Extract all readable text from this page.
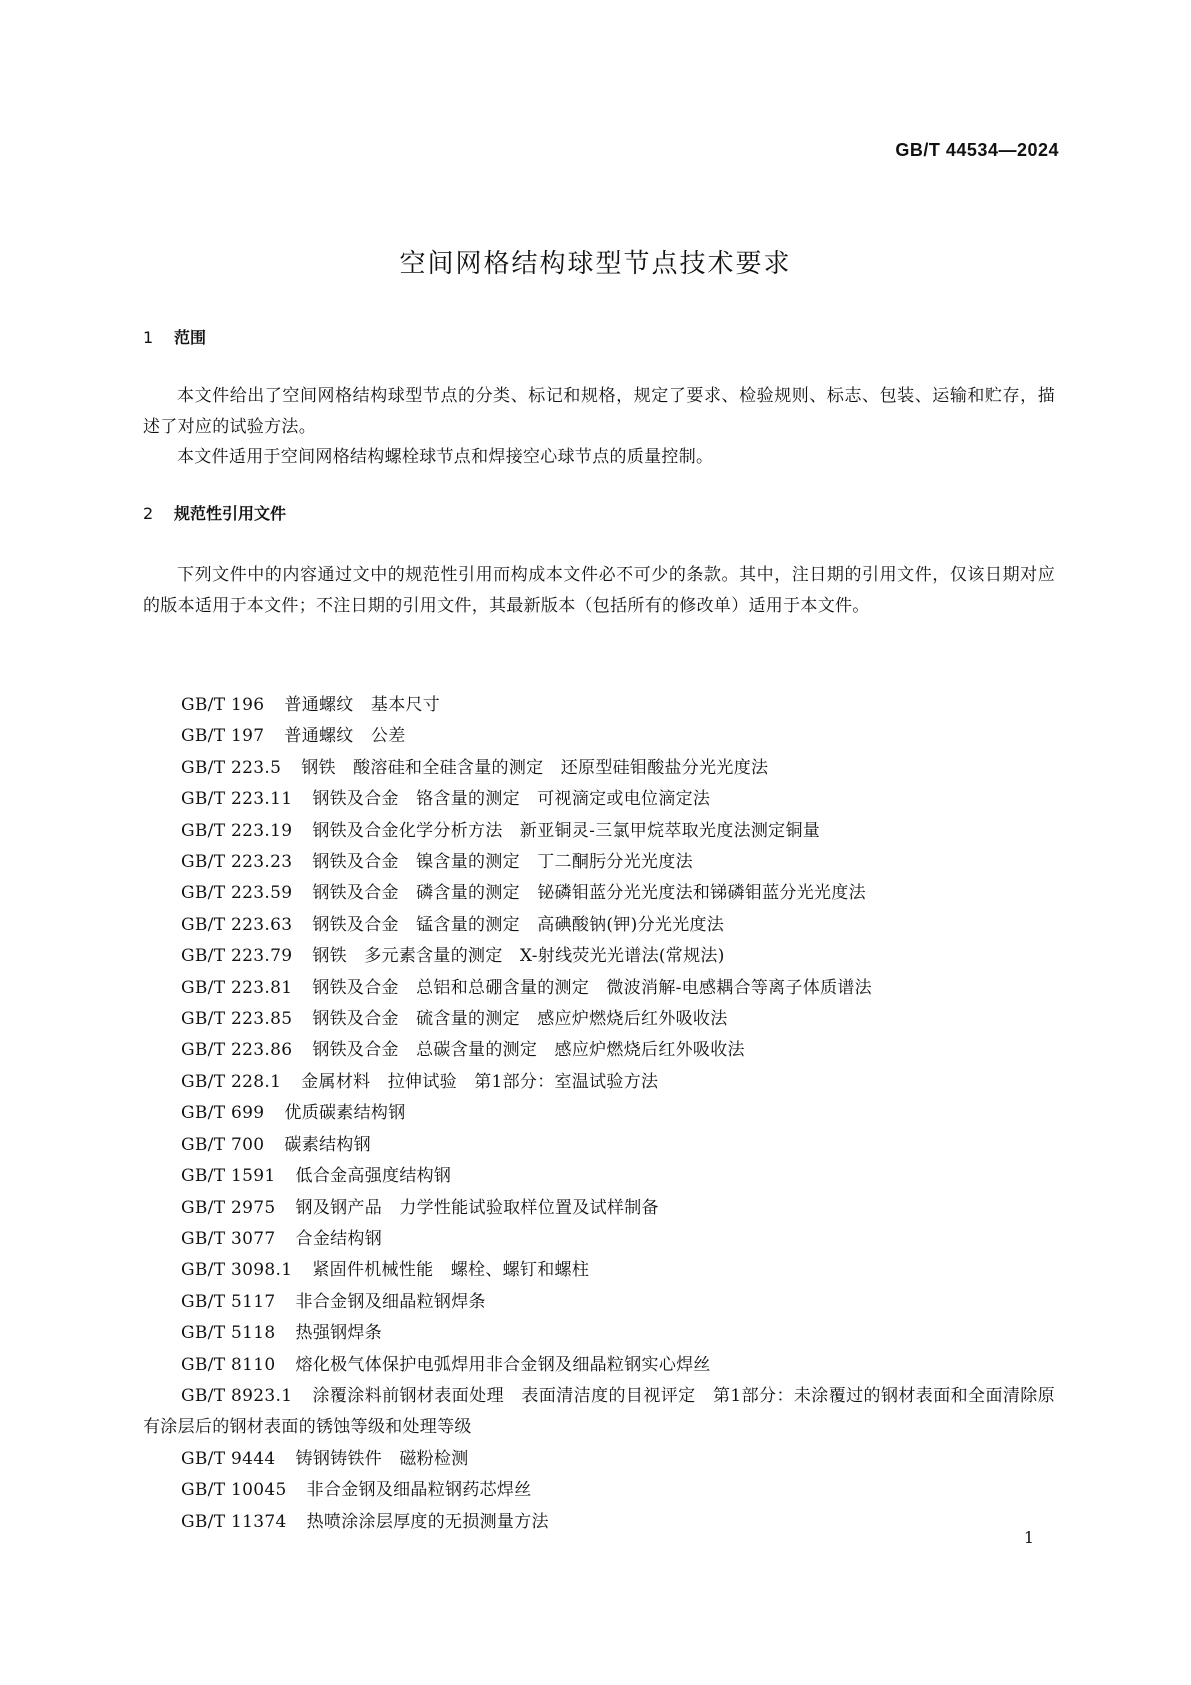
GB/T 44534—2024
空间网格结构球型节点技术要求
1 范围
本文件给出了空间网格结构球型节点的分类、标记和规格，规定了要求、检验规则、标志、包装、运输和贮存，描述了对应的试验方法。
本文件适用于空间网格结构螺栓球节点和焊接空心球节点的质量控制。
2 规范性引用文件
下列文件中的内容通过文中的规范性引用而构成本文件必不可少的条款。其中，注日期的引用文件，仅该日期对应的版本适用于本文件；不注日期的引用文件，其最新版本（包括所有的修改单）适用于本文件。
GB/T 196 普通螺纹　基本尺寸
GB/T 197 普通螺纹　公差
GB/T 223.5 钢铁　酸溶硅和全硅含量的测定　还原型硅钼酸盐分光光度法
GB/T 223.11 钢铁及合金　铬含量的测定　可视滴定或电位滴定法
GB/T 223.19 钢铁及合金化学分析方法　新亚铜灵-三氯甲烷萃取光度法测定铜量
GB/T 223.23 钢铁及合金　镍含量的测定　丁二酮肟分光光度法
GB/T 223.59 钢铁及合金　磷含量的测定　铋磷钼蓝分光光度法和锑磷钼蓝分光光度法
GB/T 223.63 钢铁及合金　锰含量的测定　高碘酸钠(钾)分光光度法
GB/T 223.79 钢铁　多元素含量的测定　X-射线荧光光谱法(常规法)
GB/T 223.81 钢铁及合金　总铝和总硼含量的测定　微波消解-电感耦合等离子体质谱法
GB/T 223.85 钢铁及合金　硫含量的测定　感应炉燃烧后红外吸收法
GB/T 223.86 钢铁及合金　总碳含量的测定　感应炉燃烧后红外吸收法
GB/T 228.1 金属材料　拉伸试验　第1部分：室温试验方法
GB/T 699 优质碳素结构钢
GB/T 700 碳素结构钢
GB/T 1591 低合金高强度结构钢
GB/T 2975 钢及钢产品　力学性能试验取样位置及试样制备
GB/T 3077 合金结构钢
GB/T 3098.1 紧固件机械性能　螺栓、螺钉和螺柱
GB/T 5117 非合金钢及细晶粒钢焊条
GB/T 5118 热强钢焊条
GB/T 8110 熔化极气体保护电弧焊用非合金钢及细晶粒钢实心焊丝
GB/T 8923.1 涂覆涂料前钢材表面处理　表面清洁度的目视评定　第1部分：未涂覆过的钢材表面和全面清除原有涂层后的钢材表面的锈蚀等级和处理等级
GB/T 9444 铸钢铸铁件　磁粉检测
GB/T 10045 非合金钢及细晶粒钢药芯焊丝
GB/T 11374 热喷涂涂层厚度的无损测量方法
1
